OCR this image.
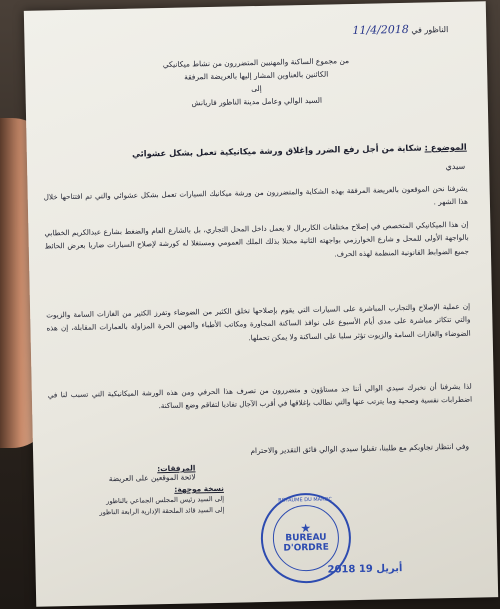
الناظور في 11/4/2018
من مجموع الساكنة والمهنيين المتضررون من نشاط ميكانيكي
الكائنين بالعناوين المشار إليها بالعريضة المرفقة
إلى
السيد الوالي وعامل مدينة الناظور فاريانش
الموضوع : شكاية من أجل رفع الضرر وإغلاق ورشة ميكانيكية تعمل بشكل عشوائي
سيدي
يشرفنا نحن الموقعون بالعريضة المرفقة بهذه الشكاية والمتضررون من ورشة ميكانيك السيارات تعمل بشكل عشوائي والتي تم افتتاحها خلال هذا الشهر .
إن هذا الميكانيكي المتخصص في إصلاح مختلفات الكاربرال لا يعمل داخل المحل التجاري، بل بالشارع العام والضغط بشارع عبدالكريم الخطابي بالواجهة الأولى للمحل و شارع الخوارزمي بواجهته الثانية محتلا بذلك الملك العمومي ومستغلا له كورشة لإصلاح السيارات ضاربا بعرض الحائط جميع الضوابط القانونية المنظمة لهذه الحرف.
إن عملية الإصلاح والتجارب المباشرة على السيارات التي يقوم بإصلاحها تخلق الكثير من الضوضاء وتفرز الكثير من الغازات السامة والزيوت والتي تتكاثر مباشرة على مدى أيام الأسبوع على نوافذ الساكنة المجاورة ومكاتب الأطباء والمهن الحرة المزاولة بالعمارات المقابلة، إن هذه الضوضاء والغازات السامة والزيوت تؤثر سلبا على الساكنة ولا يمكن تحملها.
لذا يشرفنا أن نخبرك سيدي الوالي أننا جد مستاؤون و متضررون من تصرف هذا الحرفي ومن هذه الورشة الميكانيكية التي تسبب لنا في اضطرابات نفسية وصحية وما يترتب عنها والتي نطالب بإغلاقها في أقرب الآجال تفاديا لتفاقم وضع الساكنة.
وفي انتظار تجاوبكم مع طلبنا، تقبلوا سيدي الوالي فائق التقدير والاحترام
المرفقات:
لائحة الموقعين على العريضة
نسخة موجهة:
إلى السيد رئيس المجلس الجماعي بالناظور
إلى السيد قائد الملحقة الإدارية الرابعة الناظور
ROYAUME DU MAROC
★
BUREAU
D'ORDRE
2018 أبريل 19
